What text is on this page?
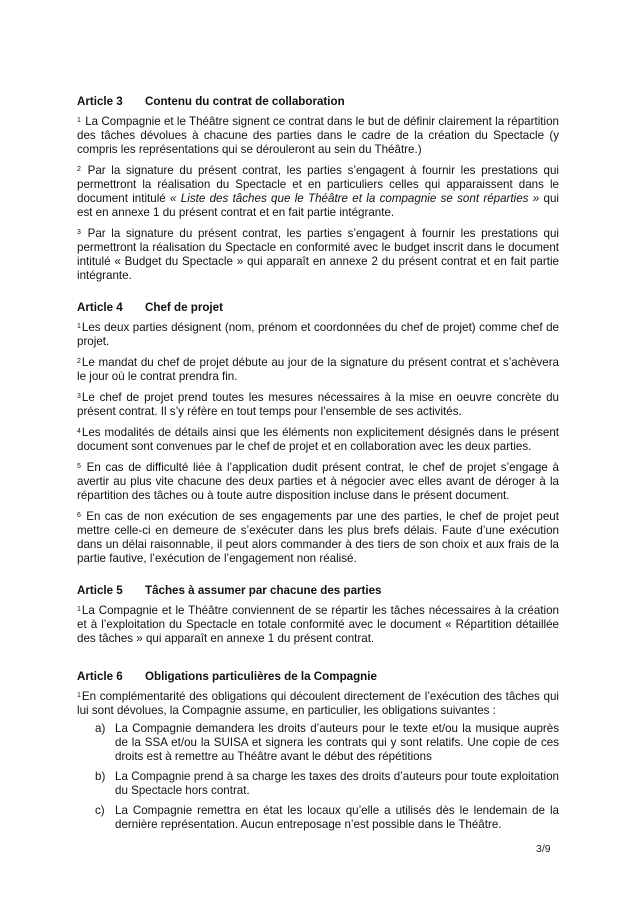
Article 3	Contenu du contrat de collaboration

$^1$ La Compagnie et le Théâtre signent ce contrat dans le but de définir clairement la répartition des tâches dévolues à chacune des parties dans le cadre de la création du Spectacle (y compris les représentations qui se dérouleront au sein du Théâtre.)

$^2$ Par la signature du présent contrat, les parties s’engagent à fournir les prestations qui permettront la réalisation du Spectacle et en particuliers celles qui apparaissent dans le document intitulé « Liste des tâches que le Théâtre et la compagnie se sont réparties » qui est en annexe 1 du présent contrat et en fait partie intégrante.

$^3$ Par la signature du présent contrat, les parties s’engagent à fournir les prestations qui permettront la réalisation du Spectacle en conformité avec le budget inscrit dans le document intitulé « Budget du Spectacle » qui apparaît en annexe 2 du présent contrat et en fait partie intégrante.

Article 4	Chef de projet

$^1$Les deux parties désignent (nom, prénom et coordonnées du chef de projet) comme chef de projet.

$^2$Le mandat du chef de projet débute au jour de la signature du présent contrat et s’achèvera le jour où le contrat prendra fin.

$^3$Le chef de projet prend toutes les mesures nécessaires à la mise en oeuvre concrète du présent contrat. Il s’y réfère en tout temps pour l’ensemble de ses activités.

$^4$Les modalités de détails ainsi que les éléments non explicitement désignés dans le présent document sont convenues par le chef de projet et en collaboration avec les deux parties.

$^5$ En cas de difficulté liée à l’application dudit présent contrat, le chef de projet s’engage à avertir au plus vite chacune des deux parties et à négocier avec elles avant de déroger à la répartition des tâches ou à toute autre disposition incluse dans le présent document.

$^6$ En cas de non exécution de ses engagements par une des parties, le chef de projet peut mettre celle-ci en demeure de s’exécuter dans les plus brefs délais. Faute d’une exécution dans un délai raisonnable, il peut alors commander à des tiers de son choix et aux frais de la partie fautive, l’exécution de l’engagement non réalisé.

Article 5	Tâches à assumer par chacune des parties

$^1$La Compagnie et le Théâtre conviennent de se répartir les tâches nécessaires à la création et à l’exploitation du Spectacle en totale conformité avec le document « Répartition détaillée des tâches » qui apparaît en annexe 1 du présent contrat.

Article 6	Obligations particulières de la Compagnie

$^1$En complémentarité des obligations qui découlent directement de l’exécution des tâches qui lui sont dévolues, la Compagnie assume, en particulier, les obligations suivantes :

a) La Compagnie demandera les droits d’auteurs pour le texte et/ou la musique auprès de la SSA et/ou la SUISA et signera les contrats qui y sont relatifs. Une copie de ces droits est à remettre au Théâtre avant le début des répétitions
b) La Compagnie prend à sa charge les taxes des droits d’auteurs pour toute exploitation du Spectacle hors contrat.
c) La Compagnie remettra en état les locaux qu’elle a utilisés dès le lendemain de la dernière représentation. Aucun entreposage n’est possible dans le Théâtre.
3/9
